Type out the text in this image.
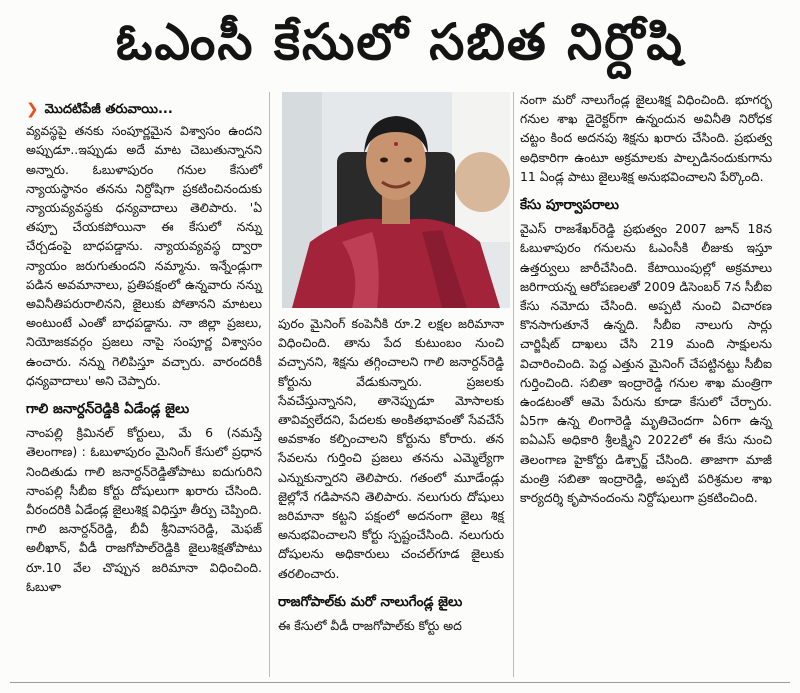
ఓఎంసీ కేసులో సబిత నిర్దోషి
❯ మొదటిపేజీ తరువాయి...

వ్యవస్థపై తనకు సంపూర్ణమైన విశ్వాసం ఉందని అప్పుడూ..ఇప్పుడు అదే మాట చెబుతున్నానని అన్నారు. ఓబుళాపురం గనుల కేసులో న్యాయస్థానం తనను నిర్దోషిగా ప్రకటించినందుకు న్యాయవ్యవస్థకు ధన్యవాదాలు తెలిపారు. 'ఏ తప్పూ చేయకపోయినా ఈ కేసులో నన్ను చేర్చడంపై బాధపడ్డాను. న్యాయవ్యవస్థ ద్వారా న్యాయం జరుగుతుందని నమ్మాను. ఇన్నేండ్లుగా పడిన అవమానాలు, ప్రతిపక్షంలో ఉన్నవారు నన్ను అవినీతిపరురాలినని, జైలుకు పోతానని మాటలు అంటుంటే ఎంతో బాధపడ్డాను. నా జిల్లా ప్రజలు, నియోజకవర్గం ప్రజలు నాపై సంపూర్ణ విశ్వాసం ఉంచారు. నన్ను గెలిపిస్తూ వచ్చారు. వారందరికీ ధన్యవాదాలు' అని చెప్పారు.

గాలి జనార్దన్‌రెడ్డికి ఏడేండ్ల జైలు

నాంపల్లి క్రిమినల్‌ కోర్టులు, మే 6 (నమస్తే తెలంగాణ) : ఓబుళాపురం మైనింగ్‌ కేసులో ప్రధాన నిందితుడు గాలి జనార్దన్‌రెడ్డితోపాటు ఐదుగురిని నాంపల్లి సీబీఐ కోర్టు దోషులుగా ఖరారు చేసింది. వీరందరికి ఏడేండ్ల జైలుశిక్ష విధిస్తూ తీర్పు చెప్పింది. గాలి జనార్దన్‌రెడ్డి, బీవీ శ్రీనివాసరెడ్డి, మెఫజ్‌ అలీఖాన్‌, వీడీ రాజగోపాల్‌రెడ్డికి జైలుశిక్షతోపాటు రూ.10 వేల చొప్పున జరిమానా విధించింది. ఓబుళా

పురం మైనింగ్‌ కంపెనీకి రూ.2 లక్షల జరిమానా విధించింది. తాను పేద కుటుంబం నుంచి వచ్చానని, శిక్షను తగ్గించాలని గాలి జనార్దన్‌రెడ్డి కోర్టును వేడుకున్నారు. ప్రజలకు సేవచేస్తున్నానని, తానెప్పుడూ మోసాలకు తావివ్వలేదని, పేదలకు అంకితభావంతో సేవచేసే అవకాశం కల్పించాలని కోర్టును కోరారు. తన సేవలను గుర్తించి ప్రజలు తనను ఎమ్మెల్యేగా ఎన్నుకున్నారని తెలిపారు. గతంలో మూడేండ్లు జైల్లోనే గడిపానని తెలిపారు. నలుగురు దోషులు జరిమానా కట్టని పక్షంలో అదనంగా జైలు శిక్ష అనుభవించాలని కోర్టు స్పష్టంచేసింది. నలుగురు దోషులను అధికారులు చంచల్‌గూడ జైలుకు తరలించారు.

రాజగోపాల్‌కు మరో నాలుగేండ్ల జైలు

ఈ కేసులో వీడీ రాజగోపాల్‌కు కోర్టు అద

నంగా మరో నాలుగేండ్ల జైలుశిక్ష విధించింది. భూగర్భ గనుల శాఖ డైరెక్టర్‌గా ఉన్నందున అవినీతి నిరోధక చట్టం కింద అదనపు శిక్షను ఖరారు చేసింది. ప్రభుత్వ అధికారిగా ఉంటూ అక్రమాలకు పాల్పడినందుకుగాను 11 ఏండ్ల పాటు జైలుశిక్ష అనుభవించాలని పేర్కొంది.

కేసు పూర్వాపరాలు

వైఎస్‌ రాజశేఖర్‌రెడ్డి ప్రభుత్వం 2007 జూన్‌ 18న ఓబుళాపురం గనులను ఓఎంసీకి లీజుకు ఇస్తూ ఉత్తర్వులు జారీచేసింది. కేటాయింపుల్లో అక్రమాలు జరిగాయన్న ఆరోపణలతో 2009 డిసెంబర్‌ 7న సీబీఐ కేసు నమోదు చేసింది. అప్పటి నుంచి విచారణ కొనసాగుతూనే ఉన్నది. సీబీఐ నాలుగు సార్లు చార్జిషీట్‌ దాఖలు చేసి 219 మంది సాక్షులను విచారించింది. పెద్ద ఎత్తున మైనింగ్‌ చేపట్టినట్టు సీబీఐ గుర్తించింది. సబితా ఇంద్రారెడ్డి గనుల శాఖ మంత్రిగా ఉండటంతో ఆమె పేరును కూడా కేసులో చేర్చారు. ఏ5గా ఉన్న లింగారెడ్డి మృతిచెందగా ఏ6గా ఉన్న ఐఏఎస్‌ అధికారి శ్రీలక్ష్మిని 2022లో ఈ కేసు నుంచి తెలంగాణ హైకోర్టు డిశ్చార్జ్‌ చేసింది. తాజాగా మాజీ మంత్రి సబితా ఇంద్రారెడ్డి, అప్పటి పరిశ్రమల శాఖ కార్యదర్శి కృపానందంను నిర్దోషులుగా ప్రకటించింది.
